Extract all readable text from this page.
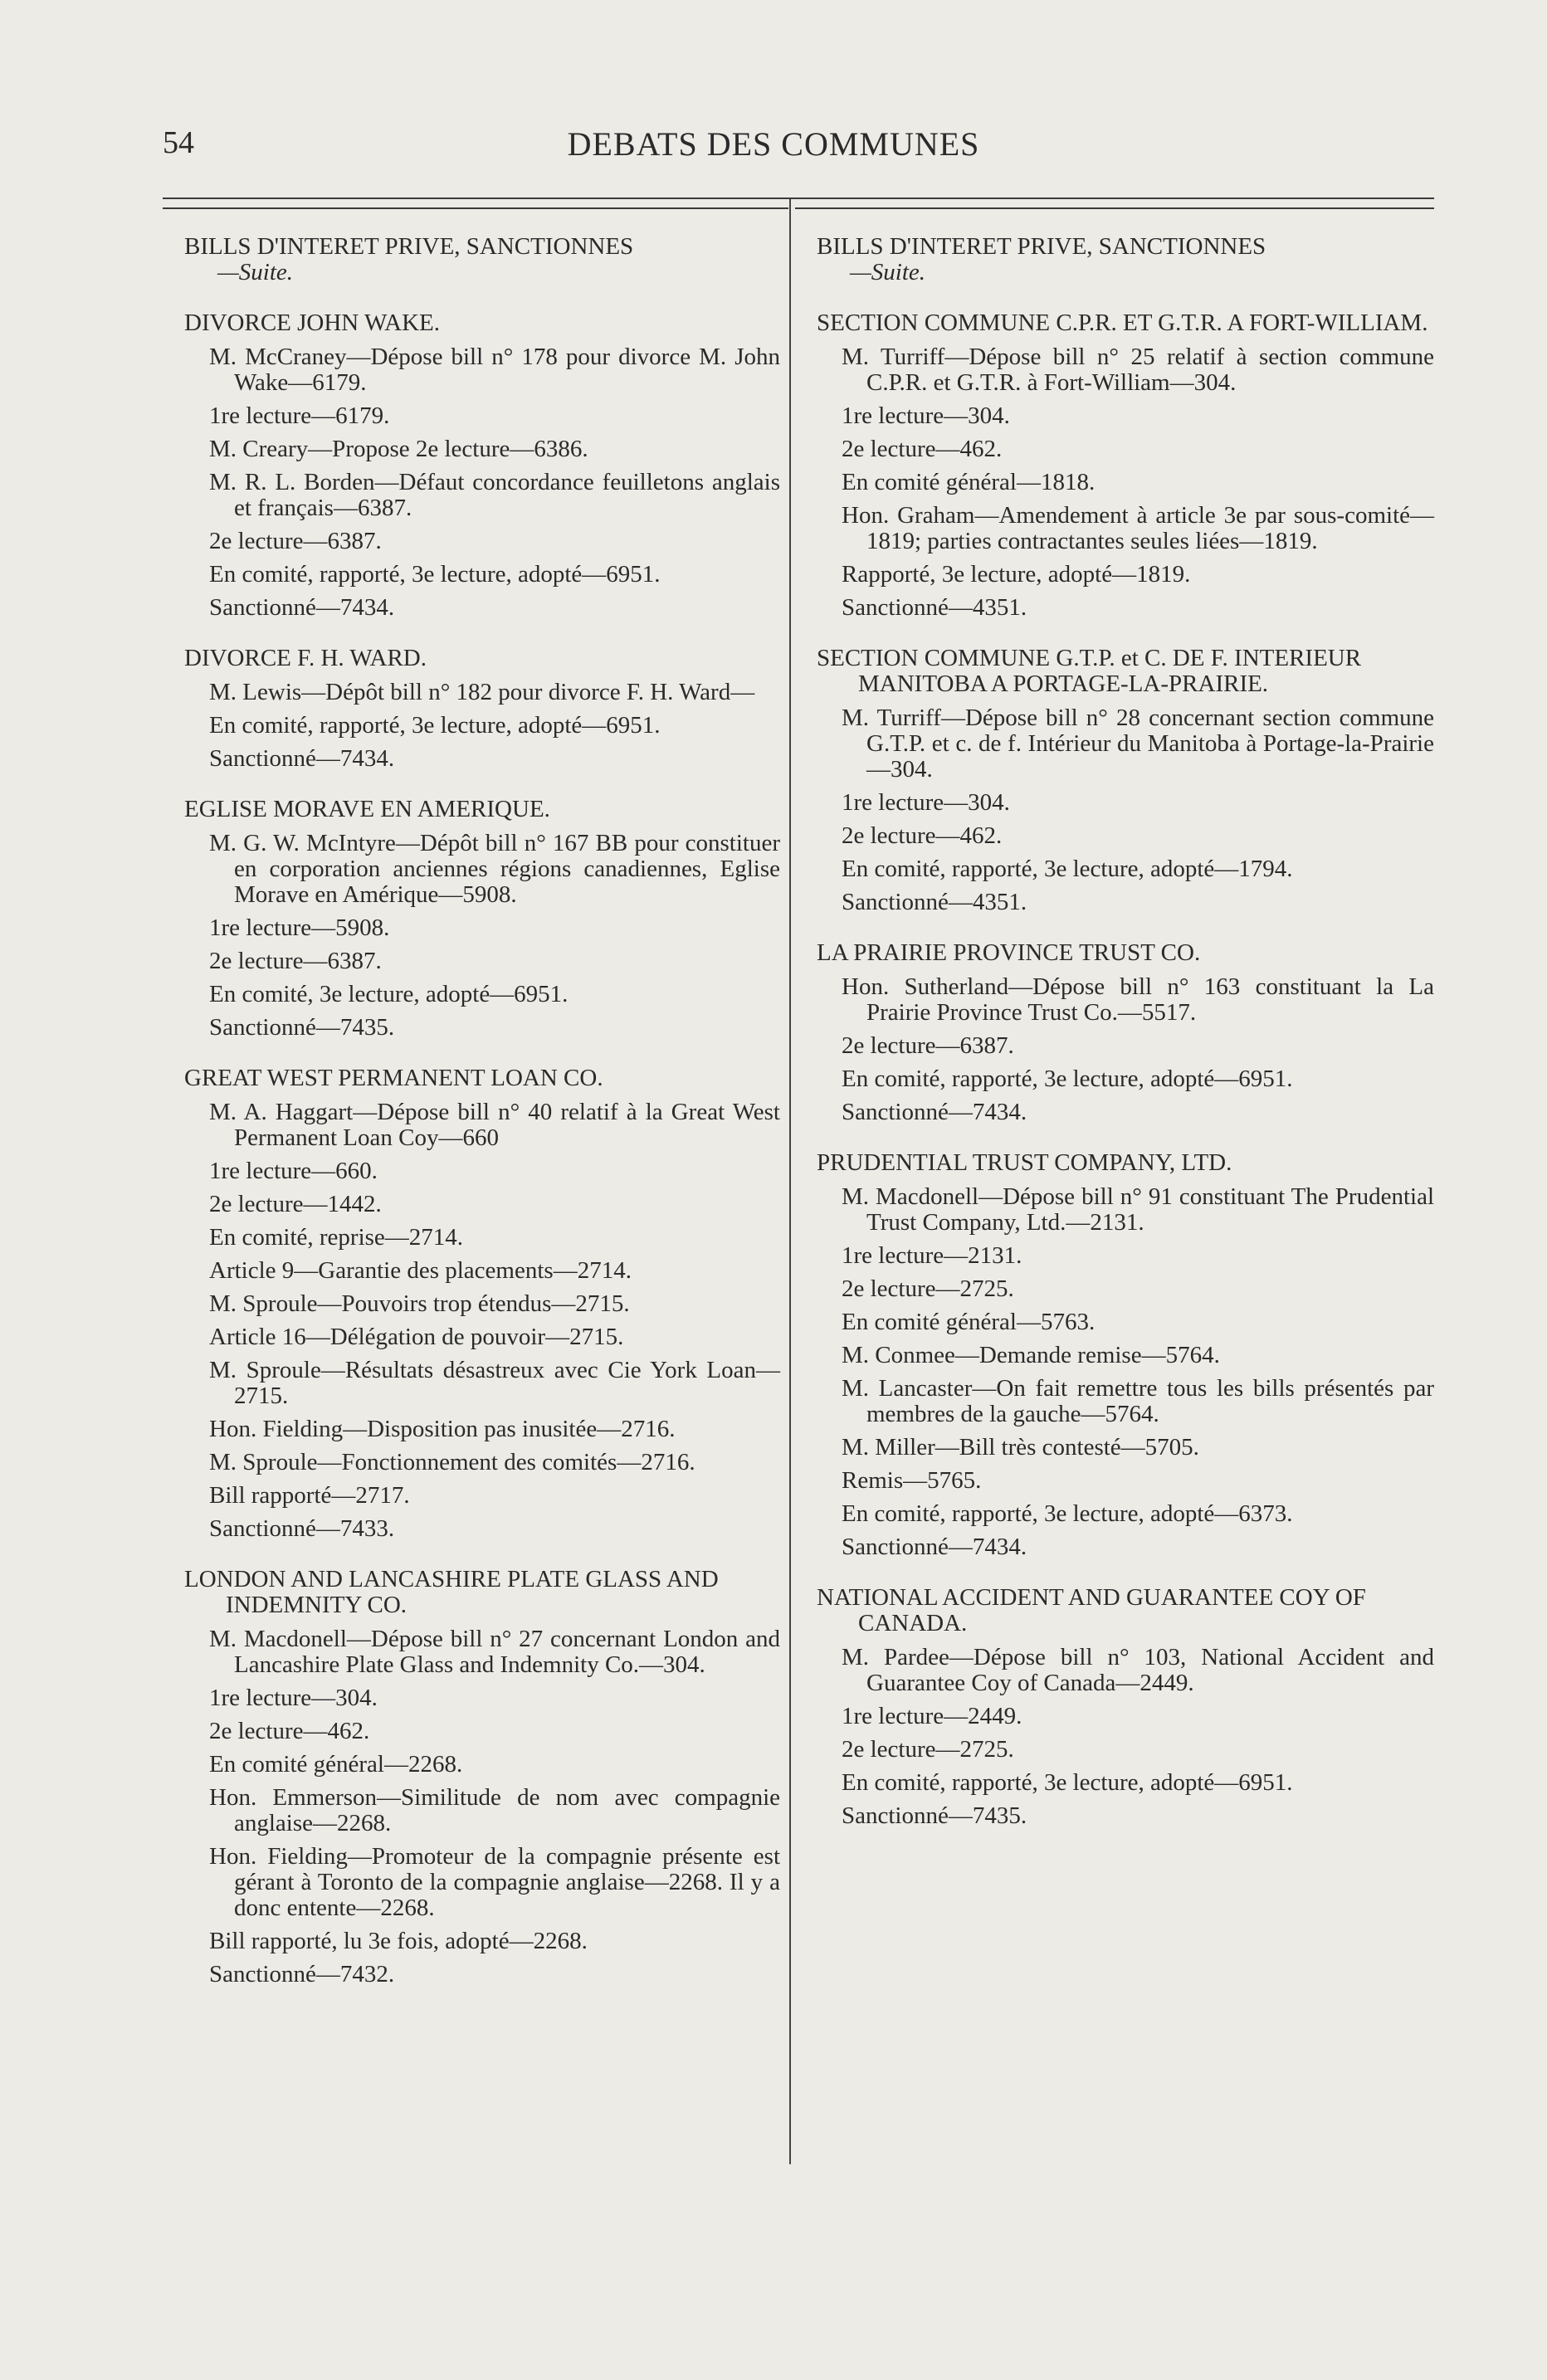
54	DEBATS DES COMMUNES
BILLS D'INTERET PRIVE, SANCTIONNES
—Suite.
DIVORCE JOHN WAKE.
M. McCraney—Dépose bill n° 178 pour divorce M. John Wake—6179.
1re lecture—6179.
M. Creary—Propose 2e lecture—6386.
M. R. L. Borden—Défaut concordance feuilletons anglais et français—6387.
2e lecture—6387.
En comité, rapporté, 3e lecture, adopté—6951.
Sanctionné—7434.
DIVORCE F. H. WARD.
M. Lewis—Dépôt bill n° 182 pour divorce F. H. Ward—
En comité, rapporté, 3e lecture, adopté—6951.
Sanctionné—7434.
EGLISE MORAVE EN AMERIQUE.
M. G. W. McIntyre—Dépôt bill n° 167 BB pour constituer en corporation anciennes régions canadiennes, Eglise Morave en Amérique—5908.
1re lecture—5908.
2e lecture—6387.
En comité, 3e lecture, adopté—6951.
Sanctionné—7435.
GREAT WEST PERMANENT LOAN CO.
M. A. Haggart—Dépose bill n° 40 relatif à la Great West Permanent Loan Coy—660
1re lecture—660.
2e lecture—1442.
En comité, reprise—2714.
Article 9—Garantie des placements—2714.
M. Sproule—Pouvoirs trop étendus—2715.
Article 16—Délégation de pouvoir—2715.
M. Sproule—Résultats désastreux avec Cie York Loan—2715.
Hon. Fielding—Disposition pas inusitée—2716.
M. Sproule—Fonctionnement des comités—2716.
Bill rapporté—2717.
Sanctionné—7433.
LONDON AND LANCASHIRE PLATE GLASS AND INDEMNITY CO.
M. Macdonell—Dépose bill n° 27 concernant London and Lancashire Plate Glass and Indemnity Co.—304.
1re lecture—304.
2e lecture—462.
En comité général—2268.
Hon. Emmerson—Similitude de nom avec compagnie anglaise—2268.
Hon. Fielding—Promoteur de la compagnie présente est gérant à Toronto de la compagnie anglaise—2268. Il y a donc entente—2268.
Bill rapporté, lu 3e fois, adopté—2268.
Sanctionné—7432.
BILLS D'INTERET PRIVE, SANCTIONNES
—Suite.
SECTION COMMUNE C.P.R. ET G.T.R. A FORT-WILLIAM.
M. Turriff—Dépose bill n° 25 relatif à section commune C.P.R. et G.T.R. à Fort-William—304.
1re lecture—304.
2e lecture—462.
En comité général—1818.
Hon. Graham—Amendement à article 3e par sous-comité—1819; parties contractantes seules liées—1819.
Rapporté, 3e lecture, adopté—1819.
Sanctionné—4351.
SECTION COMMUNE G.T.P. et C. DE F. INTERIEUR MANITOBA A PORTAGE-LA-PRAIRIE.
M. Turriff—Dépose bill n° 28 concernant section commune G.T.P. et c. de f. Intérieur du Manitoba à Portage-la-Prairie—304.
1re lecture—304.
2e lecture—462.
En comité, rapporté, 3e lecture, adopté—1794.
Sanctionné—4351.
LA PRAIRIE PROVINCE TRUST CO.
Hon. Sutherland—Dépose bill n° 163 constituant la La Prairie Province Trust Co.—5517.
2e lecture—6387.
En comité, rapporté, 3e lecture, adopté—6951.
Sanctionné—7434.
PRUDENTIAL TRUST COMPANY, LTD.
M. Macdonell—Dépose bill n° 91 constituant The Prudential Trust Company, Ltd.—2131.
1re lecture—2131.
2e lecture—2725.
En comité général—5763.
M. Conmee—Demande remise—5764.
M. Lancaster—On fait remettre tous les bills présentés par membres de la gauche—5764.
M. Miller—Bill très contesté—5705.
Remis—5765.
En comité, rapporté, 3e lecture, adopté—6373.
Sanctionné—7434.
NATIONAL ACCIDENT AND GUARANTEE COY OF CANADA.
M. Pardee—Dépose bill n° 103, National Accident and Guarantee Coy of Canada—2449.
1re lecture—2449.
2e lecture—2725.
En comité, rapporté, 3e lecture, adopté—6951.
Sanctionné—7435.
